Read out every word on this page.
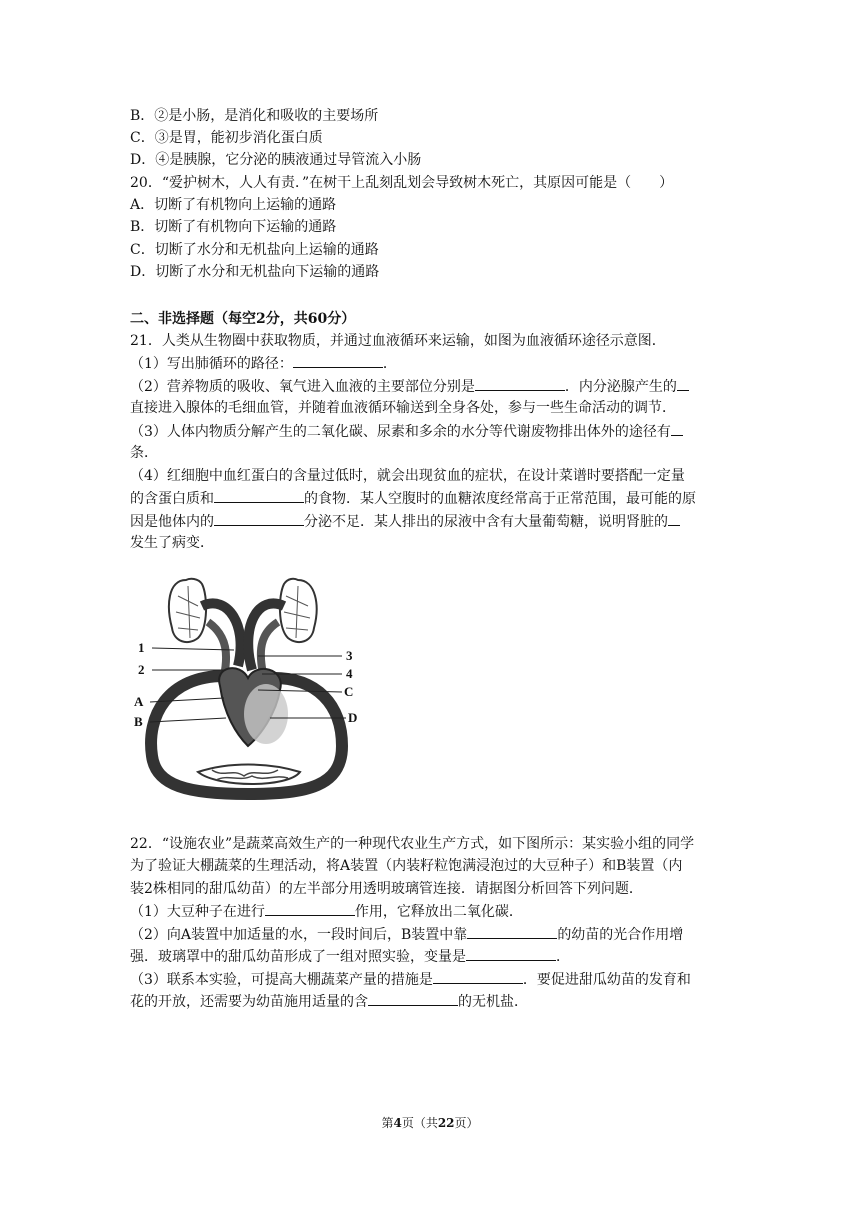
B．②是小肠，是消化和吸收的主要场所
C．③是胃，能初步消化蛋白质
D．④是胰腺，它分泌的胰液通过导管流入小肠
20．“爱护树木，人人有责．”在树干上乱刻乱划会导致树木死亡，其原因可能是（　　）
A．切断了有机物向上运输的通路
B．切断了有机物向下运输的通路
C．切断了水分和无机盐向上运输的通路
D．切断了水分和无机盐向下运输的通路
二、非选择题（每空2分，共60分）
21．人类从生物圈中获取物质，并通过血液循环来运输，如图为血液循环途径示意图．
（1）写出肺循环的路径：	．
（2）营养物质的吸收、氧气进入血液的主要部位分别是	．内分泌腺产生的
直接进入腺体的毛细血管，并随着血液循环输送到全身各处，参与一些生命活动的调节．
（3）人体内物质分解产生的二氧化碳、尿素和多余的水分等代谢废物排出体外的途径有
条．
（4）红细胞中血红蛋白的含量过低时，就会出现贫血的症状，在设计菜谱时要搭配一定量
的含蛋白质和	的食物．某人空腹时的血糖浓度经常高于正常范围，最可能的原
因是他体内的	分泌不足．某人排出的尿液中含有大量葡萄糖，说明肾脏的
发生了病变．
1
2
A
B
3
4
C
D
22．“设施农业”是蔬菜高效生产的一种现代农业生产方式，如下图所示：某实验小组的同学
为了验证大棚蔬菜的生理活动，将A装置（内装籽粒饱满浸泡过的大豆种子）和B装置（内
装2株相同的甜瓜幼苗）的左半部分用透明玻璃管连接．请据图分析回答下列问题．
（1）大豆种子在进行	作用，它释放出二氧化碳．
（2）向A装置中加适量的水，一段时间后，B装置中靠	的幼苗的光合作用增
强．玻璃罩中的甜瓜幼苗形成了一组对照实验，变量是	．
（3）联系本实验，可提高大棚蔬菜产量的措施是	．要促进甜瓜幼苗的发育和
花的开放，还需要为幼苗施用适量的含	的无机盐．
第4页（共22页）
